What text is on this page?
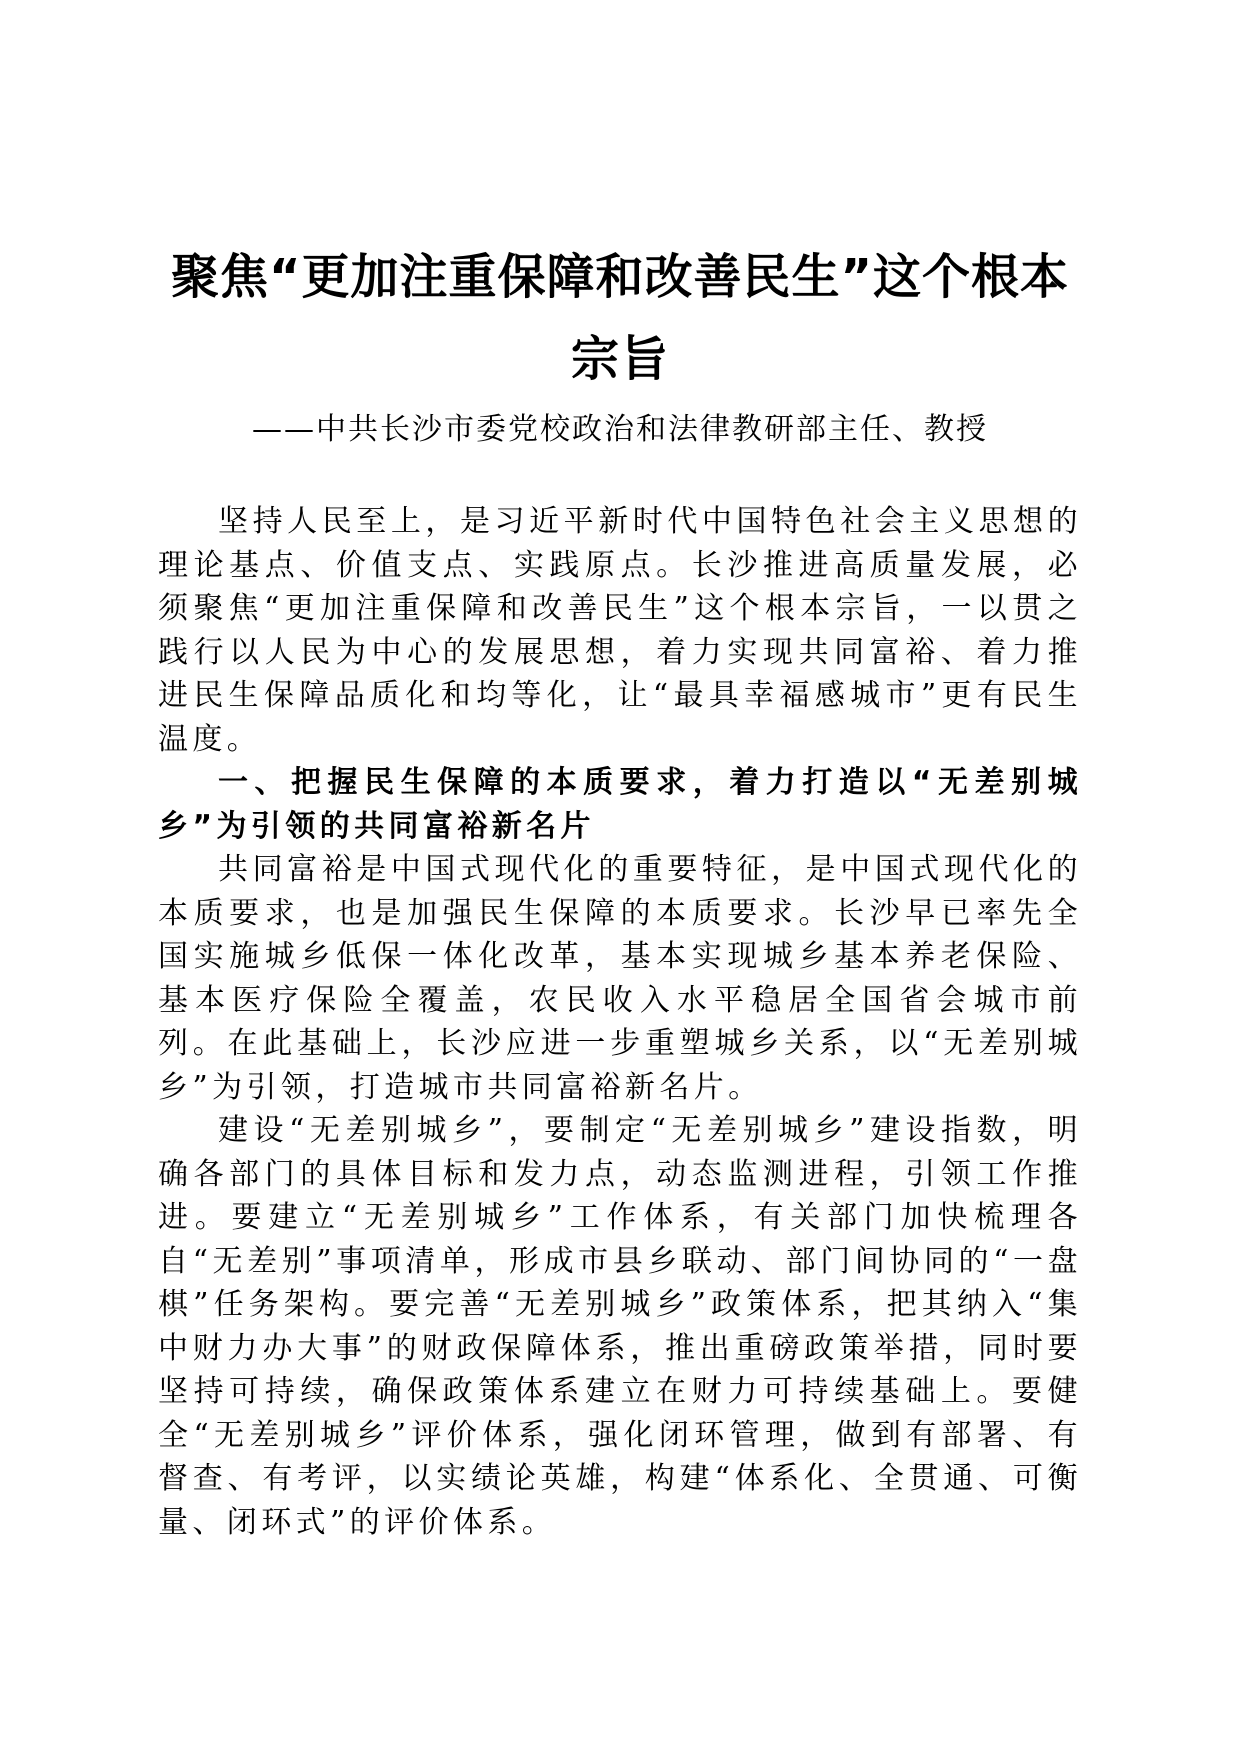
聚焦“更加注重保障和改善民生”这个根本宗旨
——中共长沙市委党校政治和法律教研部主任、教授

坚持人民至上，是习近平新时代中国特色社会主义思想的理论基点、价值支点、实践原点。长沙推进高质量发展，必须聚焦“更加注重保障和改善民生”这个根本宗旨，一以贯之践行以人民为中心的发展思想，着力实现共同富裕、着力推进民生保障品质化和均等化，让“最具幸福感城市”更有民生温度。

一、把握民生保障的本质要求，着力打造以“无差别城乡”为引领的共同富裕新名片

共同富裕是中国式现代化的重要特征，是中国式现代化的本质要求，也是加强民生保障的本质要求。长沙早已率先全国实施城乡低保一体化改革，基本实现城乡基本养老保险、基本医疗保险全覆盖，农民收入水平稳居全国省会城市前列。在此基础上，长沙应进一步重塑城乡关系，以“无差别城乡”为引领，打造城市共同富裕新名片。

建设“无差别城乡”，要制定“无差别城乡”建设指数，明确各部门的具体目标和发力点，动态监测进程，引领工作推进。要建立“无差别城乡”工作体系，有关部门加快梳理各自“无差别”事项清单，形成市县乡联动、部门间协同的“一盘棋”任务架构。要完善“无差别城乡”政策体系，把其纳入“集中财力办大事”的财政保障体系，推出重磅政策举措，同时要坚持可持续，确保政策体系建立在财力可持续基础上。要健全“无差别城乡”评价体系，强化闭环管理，做到有部署、有督查、有考评，以实绩论英雄，构建“体系化、全贯通、可衡量、闭环式”的评价体系。
